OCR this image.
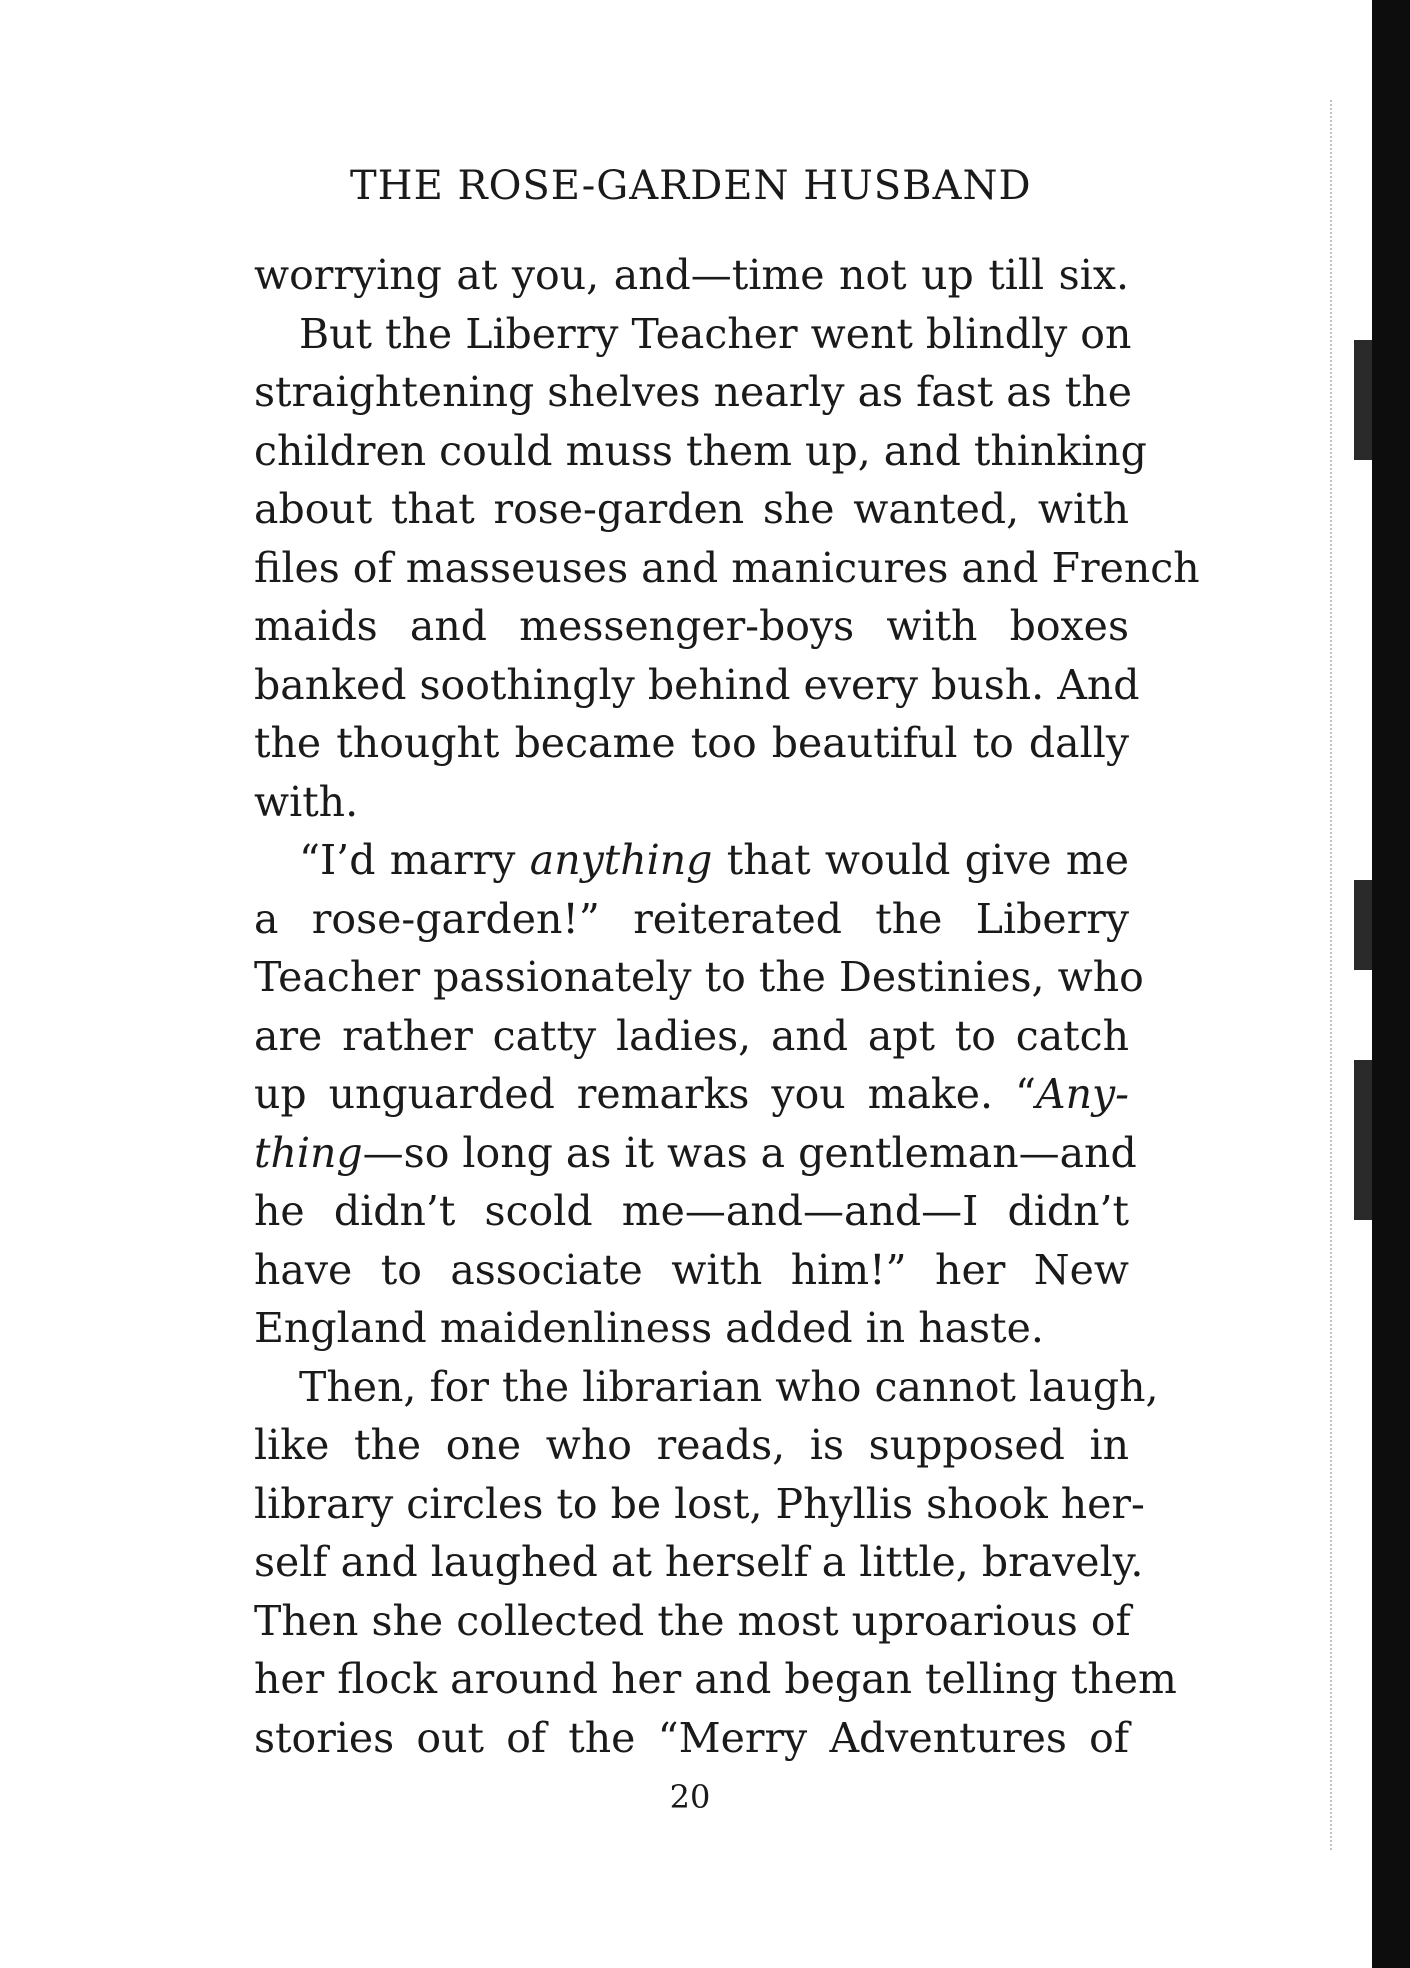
THE ROSE-GARDEN HUSBAND
worrying at you, and—time not up till six.
But the Liberry Teacher went blindly on
straightening shelves nearly as fast as the
children could muss them up, and thinking
about that rose-garden she wanted, with
files of masseuses and manicures and French
maids and messenger-boys with boxes
banked soothingly behind every bush. And
the thought became too beautiful to dally
with.
“I’d marry anything that would give me
a rose-garden!” reiterated the Liberry
Teacher passionately to the Destinies, who
are rather catty ladies, and apt to catch
up unguarded remarks you make. “Any-
thing—so long as it was a gentleman—and
he didn’t scold me—and—and—I didn’t
have to associate with him!” her New
England maidenliness added in haste.
Then, for the librarian who cannot laugh,
like the one who reads, is supposed in
library circles to be lost, Phyllis shook her-
self and laughed at herself a little, bravely.
Then she collected the most uproarious of
her flock around her and began telling them
stories out of the “Merry Adventures of
20
